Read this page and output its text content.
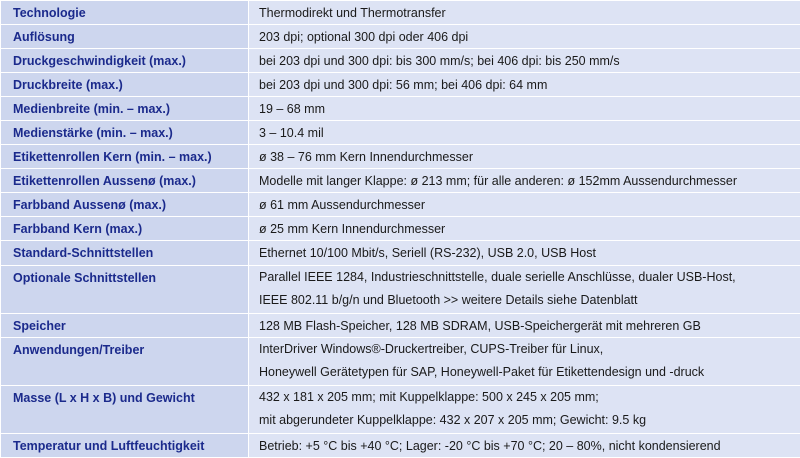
Technologie	Thermodirekt und Thermotransfer

Auflösung	203 dpi; optional 300 dpi oder 406 dpi

Druckgeschwindigkeit (max.)	bei 203 dpi und 300 dpi: bis 300 mm/s; bei 406 dpi: bis 250 mm/s

Druckbreite (max.)	bei 203 dpi und 300 dpi: 56 mm; bei 406 dpi: 64 mm

Medienbreite (min. – max.)	19 – 68 mm

Medienstärke (min. – max.)	3 – 10.4 mil

Etikettenrollen Kern (min. – max.)	ø 38 – 76 mm Kern Innendurchmesser

Etikettenrollen Aussenø (max.)	Modelle mit langer Klappe: ø 213 mm; für alle anderen: ø 152mm Aussendurchmesser

Farbband Aussenø (max.)	ø 61 mm Aussendurchmesser

Farbband Kern (max.)	ø 25 mm Kern Innendurchmesser

Standard-Schnittstellen	Ethernet 10/100 Mbit/s, Seriell (RS-232), USB 2.0, USB Host

Optionale Schnittstellen	Parallel IEEE 1284, Industrieschnittstelle, duale serielle Anschlüsse, dualer USB-Host,
IEEE 802.11 b/g/n und Bluetooth >> weitere Details siehe Datenblatt

Speicher	128 MB Flash-Speicher, 128 MB SDRAM, USB-Speichergerät mit mehreren GB

Anwendungen/Treiber	InterDriver Windows®-Druckertreiber, CUPS-Treiber für Linux,
Honeywell Gerätetypen für SAP, Honeywell-Paket für Etikettendesign und -druck

Masse (L x H x B) und Gewicht	432 x 181 x 205 mm; mit Kuppelklappe: 500 x 245 x 205 mm;
mit abgerundeter Kuppelklappe: 432 x 207 x 205 mm; Gewicht: 9.5 kg

Temperatur und Luftfeuchtigkeit	Betrieb: +5 °C bis +40 °C; Lager: -20 °C bis +70 °C; 20 – 80%, nicht kondensierend
